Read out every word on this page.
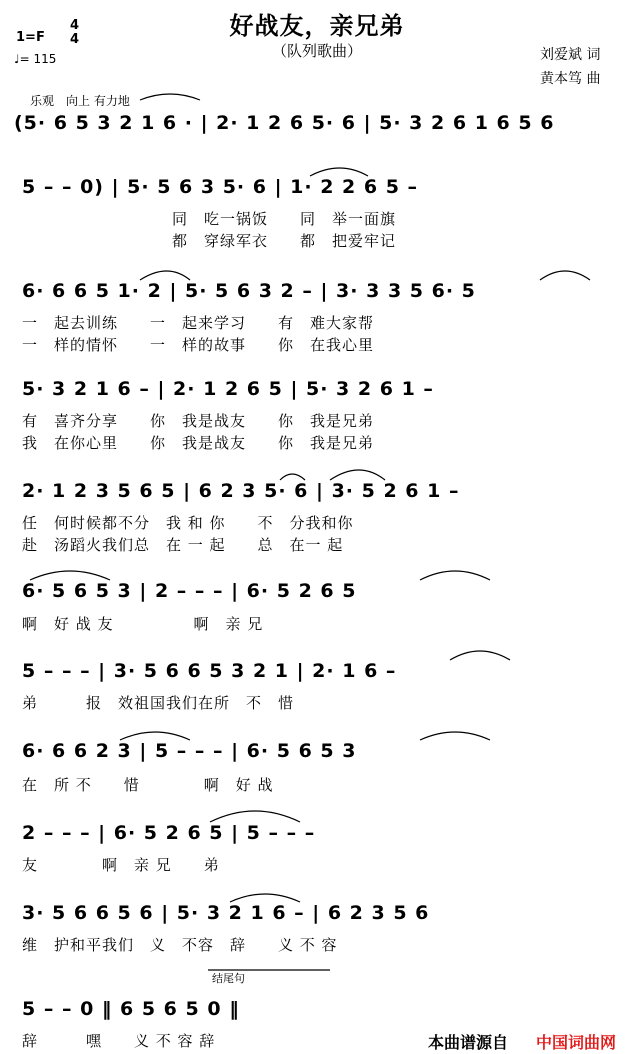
好战友，亲兄弟
（队列歌曲）
1=F
4
4
♩= 115	刘爱斌 词
黄本笃 曲
乐观　向上 有力地
(5· 6 5 3 2 1 6 · | 2· 1 2 6 5· 6 | 5· 3 2 6 1 6 5 6
5 – – 0) | 5· 5 6 3 5· 6 | 1· 2 2 6 5 –
同　吃一锅饭　　同　举一面旗
都　穿绿军衣　　都　把爱牢记
6· 6 6 5 1· 2 | 5· 5 6 3 2 – | 3· 3 3 5 6· 5
一　起去训练　　一　起来学习　　有　难大家帮
一　样的情怀　　一　样的故事　　你　在我心里
5· 3 2 1 6 – | 2· 1 2 6 5 | 5· 3 2 6 1 –
有　喜齐分享　　你　我是战友　　你　我是兄弟
我　在你心里　　你　我是战友　　你　我是兄弟
2· 1 2 3 5 6 5 | 6 2 3 5· 6 | 3· 5 2 6 1 –
任　何时候都不分　我 和 你　　不　分我和你
赴　汤蹈火我们总　在 一 起　　总　在一 起
6· 5 6 5 3 | 2 – – – | 6· 5 2 6 5
啊　好 战 友　　　　　啊　亲 兄
5 – – – | 3· 5 6 6 5 3 2 1 | 2· 1 6 –
弟　　　报　效祖国我们在所　不　惜
6· 6 6 2 3 | 5 – – – | 6· 5 6 5 3
在　所 不　　惜　　　　啊　好 战
2 – – – | 6· 5 2 6 5 | 5 – – –
友　　　　啊　亲 兄　　弟
3· 5 6 6 5 6 | 5· 3 2 1 6 – | 6 2 3 5 6
维　护和平我们　义　不容　辞　　义 不 容
结尾句
5 – – 0 ‖ 6 5 6 5 0 ‖
辞　　　嘿　　义 不 容 辞	本曲谱源自 中国词曲网
